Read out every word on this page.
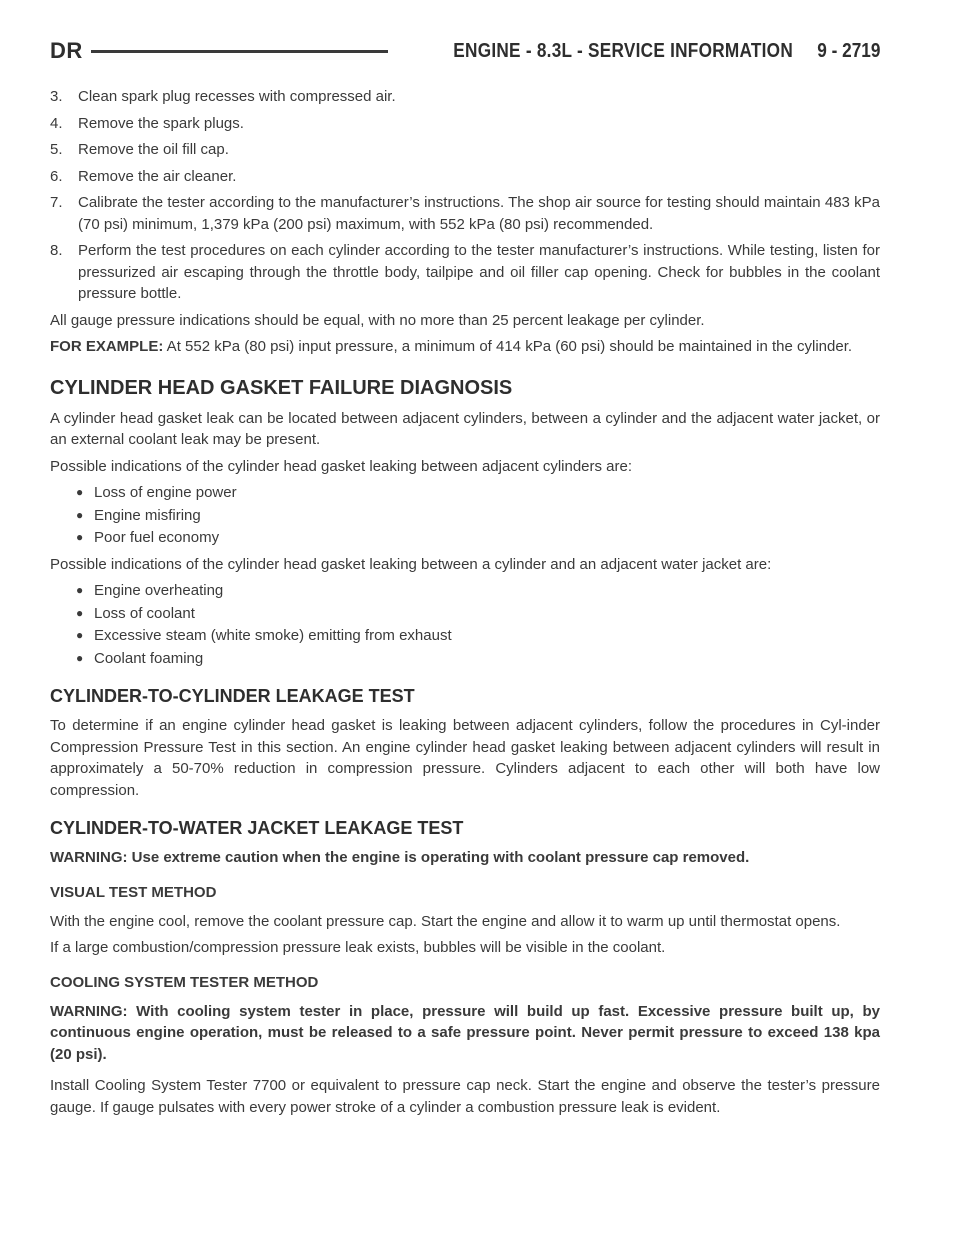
DR	ENGINE - 8.3L - SERVICE INFORMATION 9 - 2719
3.	Clean spark plug recesses with compressed air.
4.	Remove the spark plugs.
5.	Remove the oil fill cap.
6.	Remove the air cleaner.
7.	Calibrate the tester according to the manufacturer’s instructions. The shop air source for testing should maintain 483 kPa (70 psi) minimum, 1,379 kPa (200 psi) maximum, with 552 kPa (80 psi) recommended.
8.	Perform the test procedures on each cylinder according to the tester manufacturer’s instructions. While testing, listen for pressurized air escaping through the throttle body, tailpipe and oil filler cap opening. Check for bubbles in the coolant pressure bottle.

All gauge pressure indications should be equal, with no more than 25 percent leakage per cylinder.

FOR EXAMPLE: At 552 kPa (80 psi) input pressure, a minimum of 414 kPa (60 psi) should be maintained in the cylinder.

CYLINDER HEAD GASKET FAILURE DIAGNOSIS

A cylinder head gasket leak can be located between adjacent cylinders, between a cylinder and the adjacent water jacket, or an external coolant leak may be present.

Possible indications of the cylinder head gasket leaking between adjacent cylinders are:

● Loss of engine power
● Engine misfiring
● Poor fuel economy

Possible indications of the cylinder head gasket leaking between a cylinder and an adjacent water jacket are:

● Engine overheating
● Loss of coolant
● Excessive steam (white smoke) emitting from exhaust
● Coolant foaming
CYLINDER-TO-CYLINDER LEAKAGE TEST

To determine if an engine cylinder head gasket is leaking between adjacent cylinders, follow the procedures in Cyl-inder Compression Pressure Test in this section. An engine cylinder head gasket leaking between adjacent cylinders will result in approximately a 50-70% reduction in compression pressure. Cylinders adjacent to each other will both have low compression.

CYLINDER-TO-WATER JACKET LEAKAGE TEST

WARNING: Use extreme caution when the engine is operating with coolant pressure cap removed.

VISUAL TEST METHOD

With the engine cool, remove the coolant pressure cap. Start the engine and allow it to warm up until thermostat opens.

If a large combustion/compression pressure leak exists, bubbles will be visible in the coolant.

COOLING SYSTEM TESTER METHOD

WARNING: With cooling system tester in place, pressure will build up fast. Excessive pressure built up, by continuous engine operation, must be released to a safe pressure point. Never permit pressure to exceed 138 kpa (20 psi).

Install Cooling System Tester 7700 or equivalent to pressure cap neck. Start the engine and observe the tester’s pressure gauge. If gauge pulsates with every power stroke of a cylinder a combustion pressure leak is evident.
